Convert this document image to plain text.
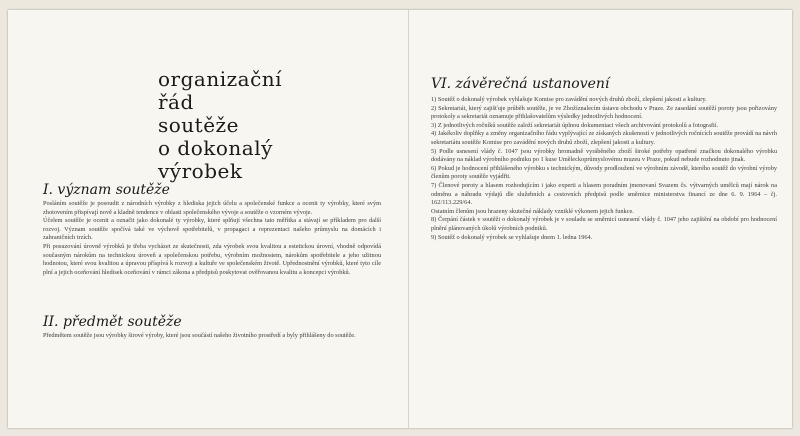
organizační
řád
soutěže
o dokonalý
výrobek
I. význam soutěže

Posláním soutěže je posoudit z národních výrobky z hlediska jejich účelu a společenské funkce a ocenit ty výrobky, které svým zhotovením přispívají nově a kladně tendence v oblasti společenského vývoje a soutěže o vzorném vývoje.

Účelem soutěže je ocenit a označit jako dokonalé ty výrobky, které splňují všechna tato měřítka a stávají se příkladem pro další rozvoj. Význam soutěže spočívá také ve výchově spotřebitelů, v propagaci a reprezentaci našeho průmyslu na domácích i zahraničních trzích.

Při posuzování úrovně výrobků je třeba vycházet ze skutečnosti, zda výrobek svou kvalitou a estetickou úrovní, vhodně odpovídá současným nárokům na technickou úroveň a společenskou potřebu, výrobním možnostem, nárokům spotřebitele a jeho užitnou hodnotou, které svou kvalitou a úpravou příspívá k rozvoji a kultuře ve společenském životě. Upřednostnění výrobků, které tyto cíle plní a jejich oceňování hledisek oceňování v rámci zákona a předpisů poskytovat ověřovanou kvalitu a koncepci výrobků.

II. předmět soutěže

Předmětem soutěže jsou výrobky širové výroby, které jsou součástí našeho životního prostředí a byly přihlášeny do soutěže.

VI. závěrečná ustanovení

1) Soutěž o dokonalý výrobek vyhlašuje Komise pro zavádění nových druhů zboží, zlepšení jakosti a kultury.

2) Sekretariát, který zajišťuje průběh soutěže, je ve Zbožíznalecím ústavu obchodu v Praze. Ze zasedání soutěží poroty jsou pořizovány protokoly a sekretariát oznamuje přihlašovatelům výsledky jednotlivých hodnocení.

3) Z jednotlivých ročníků soutěže založí sekretariát úplnou dokumentaci všech archivování protokolů a fotografií.

4) Jakékoliv doplňky a změny organizačního řádu vyplývající ze získaných zkušeností v jednotlivých ročnících soutěže provádí na návrh sekretariátu soutěže Komise pro zavádění nových druhů zboží, zlepšení jakosti a kultury.

5) Podle usnesení vlády č. 1047 jsou výrobky hromadně vyráběného zboží široké potřeby opatřené značkou dokonalého výrobku dodávány na náklad výrobního podniku po 1 kuse Uměleckoprůmyslovému muzeu v Praze, pokud nebude rozhodnuto jinak.

6) Pokud je hodnocení přihlášeného výrobku s technickým, důvody prodloužení ve výrobním závodě, kterého soutěž do výrobní výroby členům poroty soutěže vyjádřit.

7) Členové poroty a hlasem rozhodujícím i jako experti a hlasem poradním jmenovaní Svazem čs. výtvarných umělců mají nárok na odměnu a náhradu výdajů dle služebních a cestovních předpisů podle směrnice ministerstva financí ze dne 6. 9. 1964 – čj. 162/113.229/64.

Ostatním členům jsou hrazeny skutečné náklady vzniklé výkonem jejich funkce.

8) Čerpání částek v soutěži o dokonalý výrobek je v souladu se směrnicí usnesení vlády č. 1047 jeho zajištění na období pro hodnocení plnění plánovaných úkolů výrobních podniků.

9) Soutěž o dokonalý výrobek se vyhlašuje dnem 1. ledna 1964.
